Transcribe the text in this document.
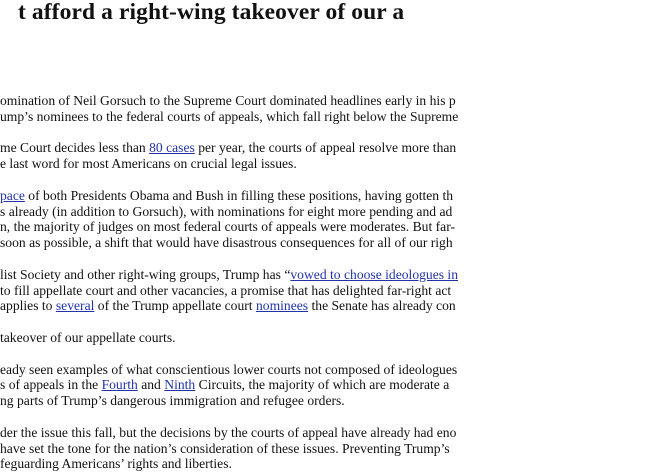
t afford a right-wing takeover of our a
omination of Neil Gorsuch to the Supreme Court dominated headlines early in his p
ump’s nominees to the federal courts of appeals, which fall right below the Supreme
me Court decides less than 80 cases per year, the courts of appeal resolve more than
e last word for most Americans on crucial legal issues.
pace of both Presidents Obama and Bush in filling these positions, having gotten th
s already (in addition to Gorsuch), with nominations for eight more pending and ad
n, the majority of judges on most federal courts of appeals were moderates. But far-
soon as possible, a shift that would have disastrous consequences for all of our righ
list Society and other right-wing groups, Trump has “vowed to choose ideologues in
to fill appellate court and other vacancies, a promise that has delighted far-right act
applies to several of the Trump appellate court nominees the Senate has already con
takeover of our appellate courts.
eady seen examples of what conscientious lower courts not composed of ideologues
s of appeals in the Fourth and Ninth Circuits, the majority of which are moderate a
ng parts of Trump’s dangerous immigration and refugee orders.
der the issue this fall, but the decisions by the courts of appeal have already had eno
have set the tone for the nation’s consideration of these issues. Preventing Trump’s
feguarding Americans’ rights and liberties.
